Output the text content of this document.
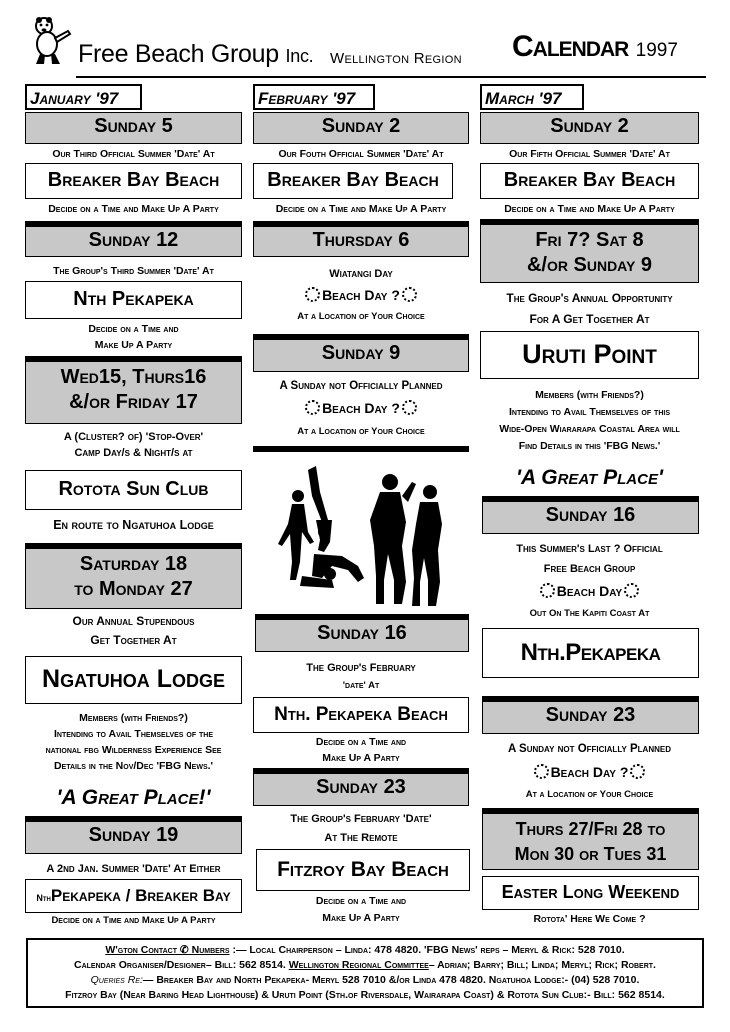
Free Beach Group Inc. Wellington Region Calendar 1997
January '97
Sunday 5
Our Third Official Summer 'Date' At
Breaker Bay Beach
Decide on a Time and Make Up A Party
Sunday 12
The Group's Third Summer 'Date' At
Nth Pekapeka
Decide on a Time and
Make Up A Party
Wed15, Thurs16
&/or Friday 17
A (Cluster? of) 'Stop-Over'
Camp Day/s & Night/s at
Rotota Sun Club
En route to Ngatuhoa Lodge
Saturday 18
to Monday 27
Our Annual Stupendous
Get Together At
Ngatuhoa Lodge
Members (with Friends?)
Intending to Avail Themselves of the
national fbg Wilderness Experience See
Details in the Nov/Dec 'FBG News.'
'A Great Place!'
Sunday 19
A 2nd Jan. Summer 'Date' At Either
NthPekapeka / Breaker Bay
Decide on a Time and Make Up A Party
February '97
Sunday 2
Our Fouth Official Summer 'Date' At
Breaker Bay Beach
Decide on a Time and Make Up A Party
Thursday 6
Wiatangi Day
Beach Day ?
At a Location of Your Choice
Sunday 9
A Sunday not Officially Planned
Beach Day ?
At a Location of Your Choice
Sunday 16
The Group's February
'date' At
Nth. Pekapeka Beach
Decide on a Time and
Make Up A Party
Sunday 23
The Group's February 'Date'
At The Remote
Fitzroy Bay Beach
Decide on a Time and
Make Up A Party
March '97
Sunday 2
Our Fifth Official Summer 'Date' At
Breaker Bay Beach
Decide on a Time and Make Up A Party
Fri 7? Sat 8
&/or Sunday 9
The Group's Annual Opportunity
For A Get Together At
Uruti Point
Members (with Friends?)
Intending to Avail Themselves of this
Wide-Open Wiararapa Coastal Area will
Find Details in this 'FBG News.'
'A Great Place'
Sunday 16
This Summer's Last ? Official
Free Beach Group
Beach Day
Out On The Kapiti Coast At
Nth.Pekapeka
Sunday 23
A Sunday not Officially Planned
Beach Day ?
At a Location of Your Choice
Thurs 27/Fri 28 to
Mon 30 or Tues 31
Easter Long Weekend
Rotota' Here We Come ?
W'gton Contact ✆ Numbers :— Local Chairperson – Linda: 478 4820. 'FBG News' reps – Meryl & Rick: 528 7010.
Calendar Organiser/Designer– Bill: 562 8514. Wellington Regional Committee– Adrian; Barry; Bill; Linda; Meryl; Rick; Robert.
Queries Re:— Breaker Bay and North Pekapeka- Meryl 528 7010 &/or Linda 478 4820. Ngatuhoa Lodge:- (04) 528 7010.
Fitzroy Bay (Near Baring Head Lighthouse) & Uruti Point (Sth.of Riversdale, Wairarapa Coast) & Rotota Sun Club:- Bill: 562 8514.
